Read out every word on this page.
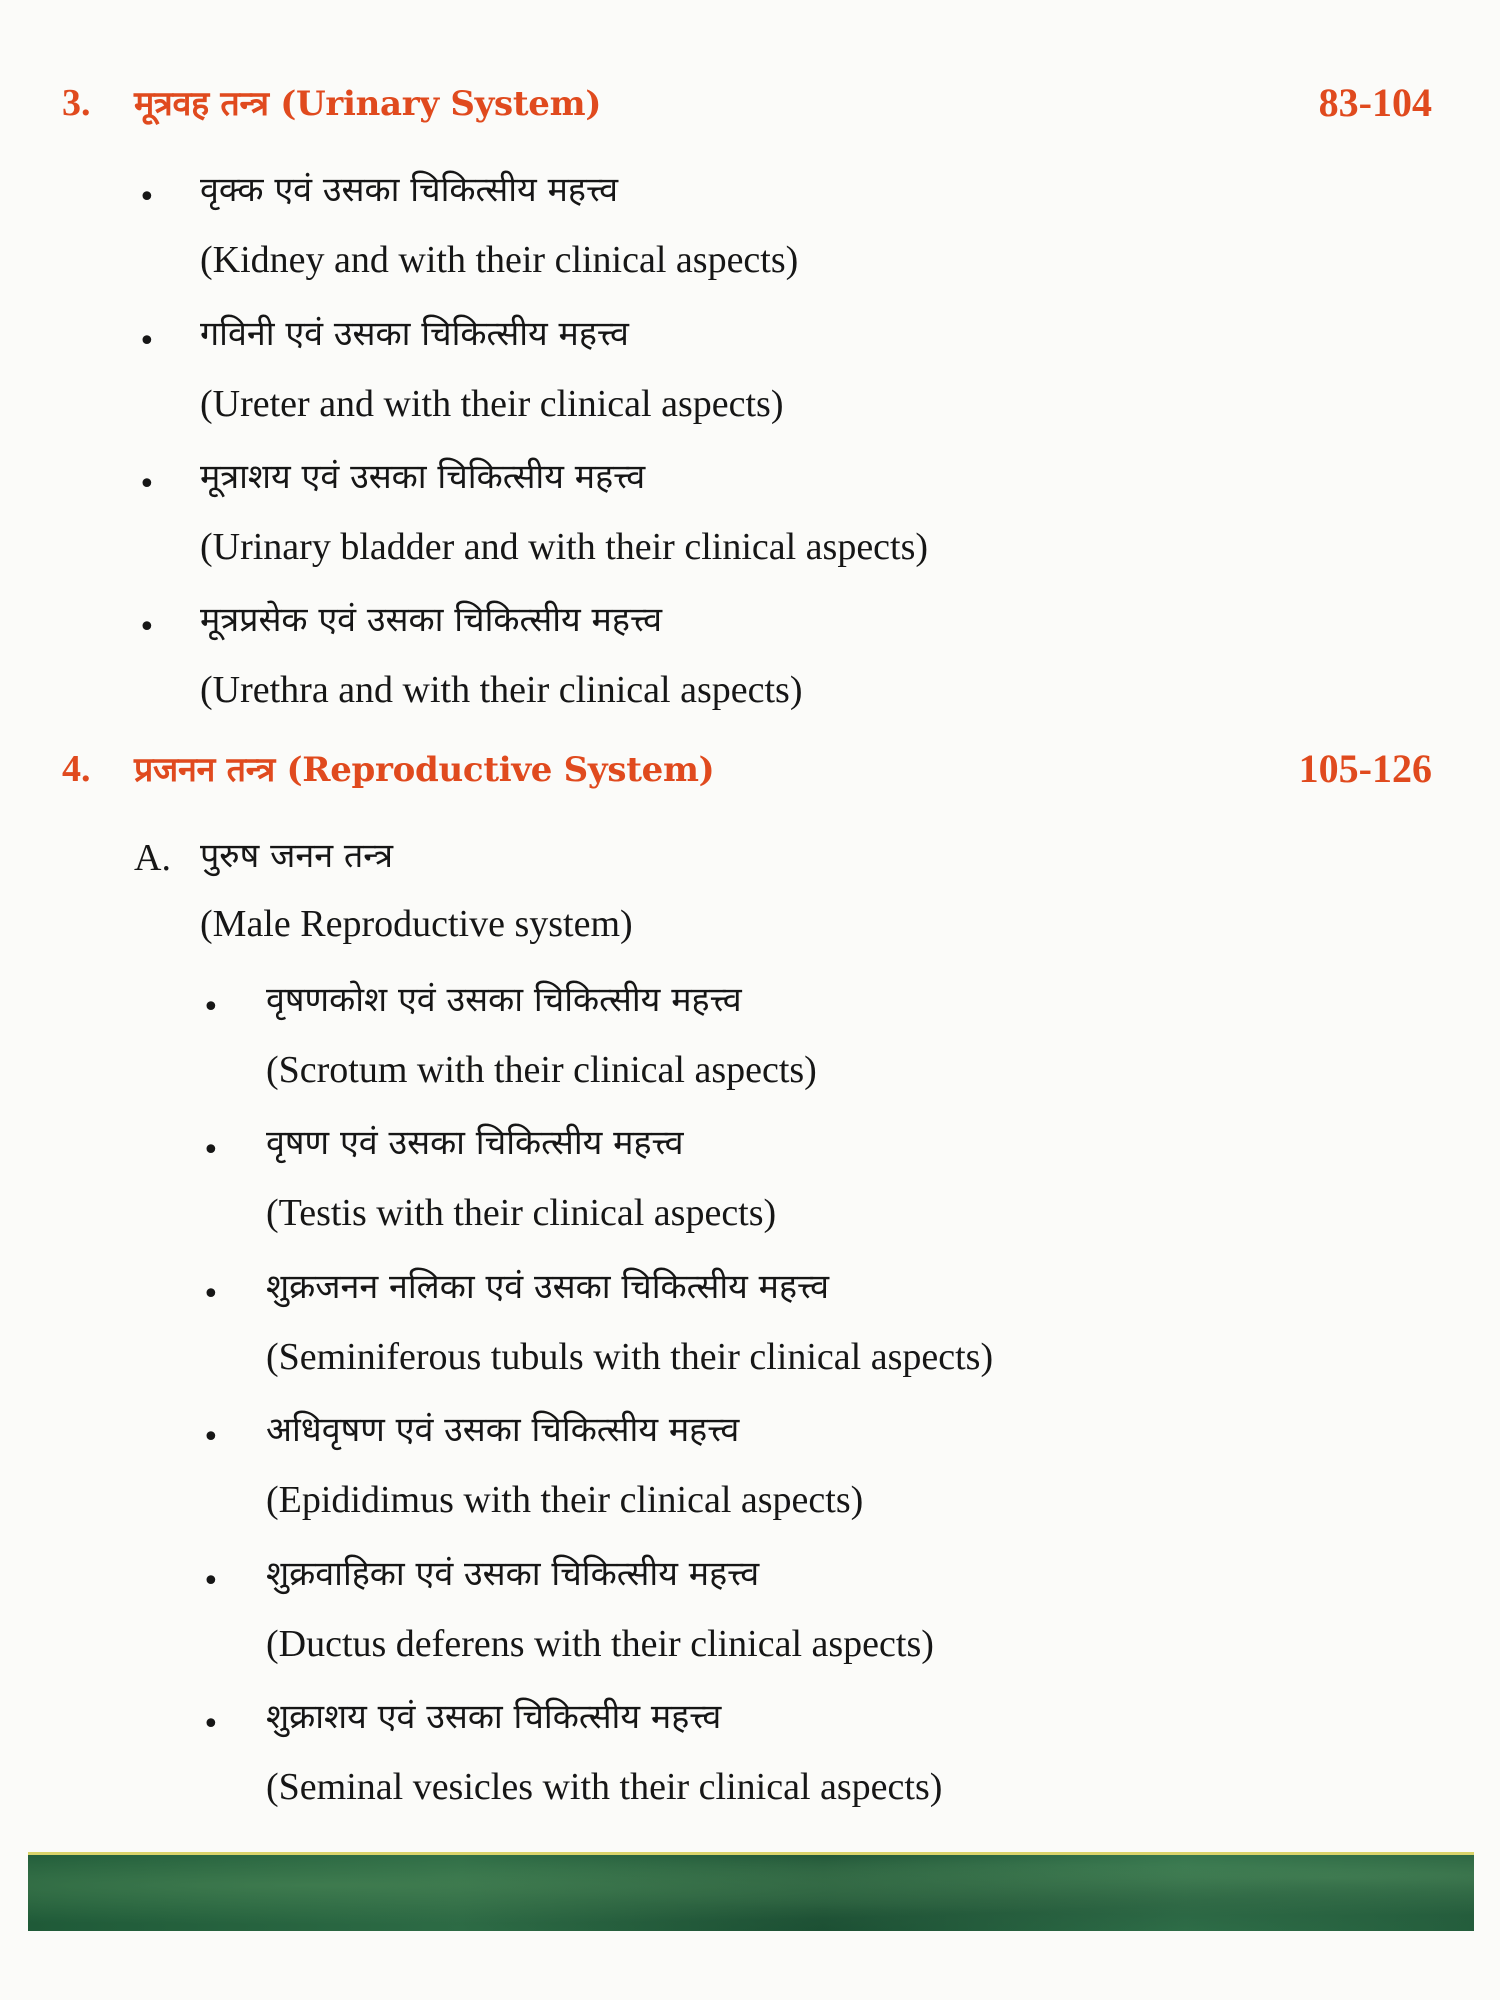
3.	मूत्रवह तन्त्र (Urinary System)	83-104
• वृक्क एवं उसका चिकित्सीय महत्त्व
(Kidney and with their clinical aspects)
• गविनी एवं उसका चिकित्सीय महत्त्व
(Ureter and with their clinical aspects)
• मूत्राशय एवं उसका चिकित्सीय महत्त्व
(Urinary bladder and with their clinical aspects)
• मूत्रप्रसेक एवं उसका चिकित्सीय महत्त्व
(Urethra and with their clinical aspects)
4.	प्रजनन तन्त्र (Reproductive System)	105-126
A. पुरुष जनन तन्त्र
(Male Reproductive system)
• वृषणकोश एवं उसका चिकित्सीय महत्त्व
(Scrotum with their clinical aspects)
• वृषण एवं उसका चिकित्सीय महत्त्व
(Testis with their clinical aspects)
• शुक्रजनन नलिका एवं उसका चिकित्सीय महत्त्व
(Seminiferous tubuls with their clinical aspects)
• अधिवृषण एवं उसका चिकित्सीय महत्त्व
(Epididimus with their clinical aspects)
• शुक्रवाहिका एवं उसका चिकित्सीय महत्त्व
(Ductus deferens with their clinical aspects)
• शुक्राशय एवं उसका चिकित्सीय महत्त्व
(Seminal vesicles with their clinical aspects)
